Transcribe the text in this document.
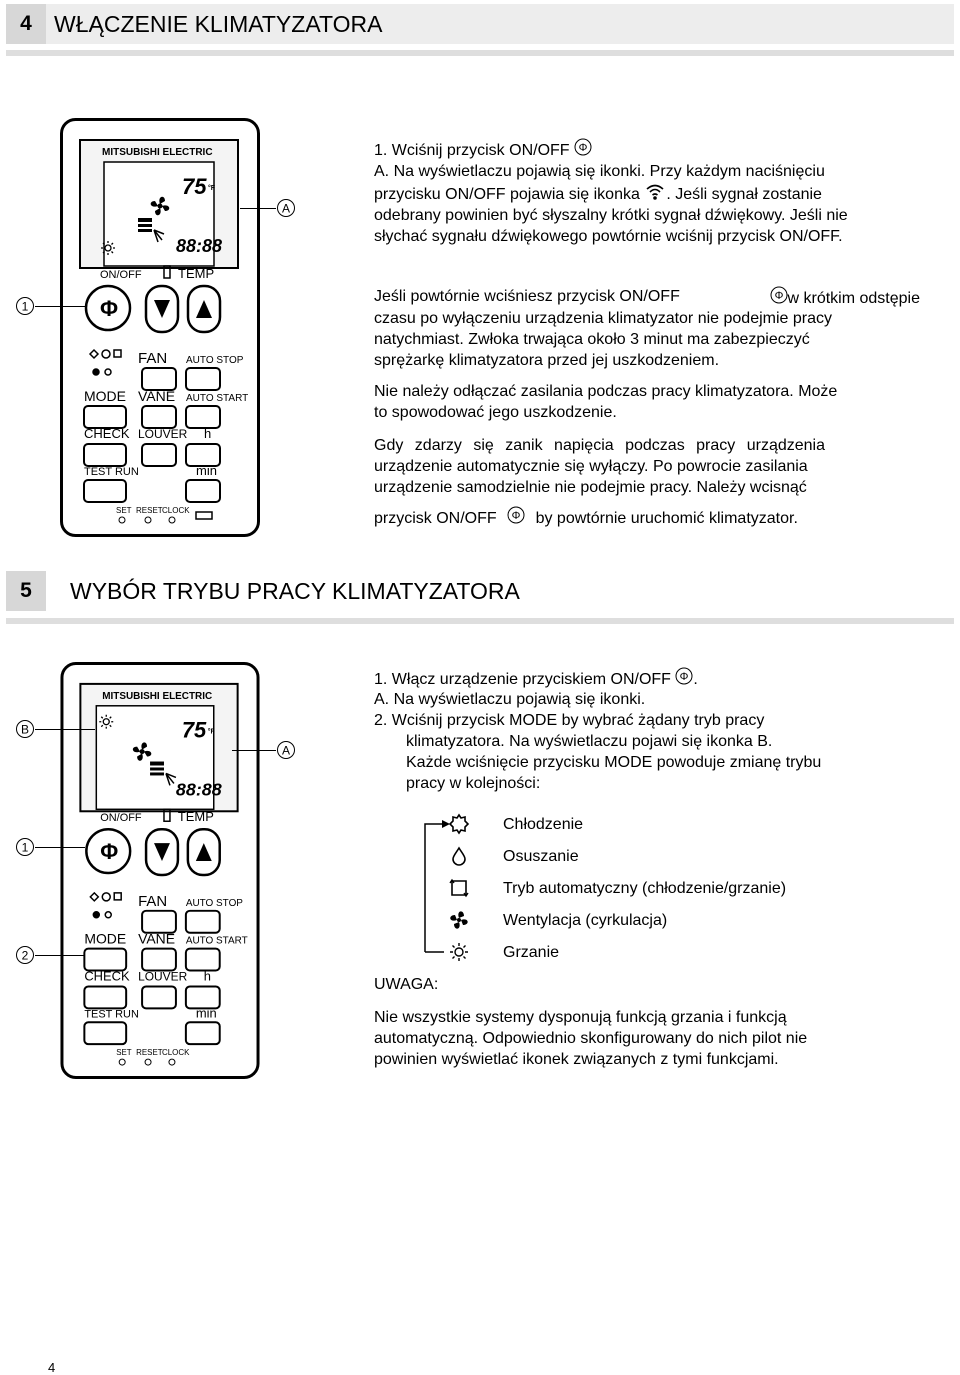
4 WŁĄCZENIE KLIMATYZATORA
MITSUBISHI ELECTRIC
75 °F
88:88
ON/OFF	TEMP
Φ
FAN AUTO STOP
MODE VANE AUTO START
CHECK LOUVER h
TEST RUN	min
SET RESET CLOCK
A
1
1. Wciśnij przycisk ON/OFF Φ
A. Na wyświetlaczu pojawią się ikonki. Przy każdym naciśnięciu
przycisku ON/OFF pojawia się ikonka . Jeśli sygnał zostanie
odebrany powinien być słyszalny krótki sygnał dźwiękowy. Jeśli nie
słychać sygnału dźwiękowego powtórnie wciśnij przycisk ON/OFF.
Jeśli powtórnie wciśniesz przycisk ON/OFF	Φ w krótkim odstępie
czasu po wyłączeniu urządzenia klimatyzator nie podejmie pracy
natychmiast. Zwłoka trwająca około 3 minut ma zabezpieczyć
sprężarkę klimatyzatora przed jej uszkodzeniem.
Nie należy odłączać zasilania podczas pracy klimatyzatora. Może
to spowodować jego uszkodzenie.
Gdy zdarzy się zanik napięcia podczas pracy urządzenia
urządzenie automatycznie się wyłączy. Po powrocie zasilania
urządzenie samodzielnie nie podejmie pracy. Należy wcisnąć
przycisk ON/OFF Φ by powtórnie uruchomić klimatyzator.
5	WYBÓR TRYBU PRACY KLIMATYZATORA
MITSUBISHI ELECTRIC
75 °F
88:88
ON/OFF	TEMP
Φ
FAN AUTO STOP
MODE VANE AUTO START
CHECK LOUVER h
TEST RUN	min
SET RESET CLOCK
B
A
1
2
1. Włącz urządzenie przyciskiem ON/OFF Φ .
A. Na wyświetlaczu pojawią się ikonki.
2. Wciśnij przycisk MODE by wybrać żądany tryb pracy
klimatyzatora. Na wyświetlaczu pojawi się ikonka B.
Każde wciśnięcie przycisku MODE powoduje zmianę trybu
pracy w kolejności:
Chłodzenie
Osuszanie
Tryb automatyczny (chłodzenie/grzanie)
Wentylacja (cyrkulacja)
Grzanie
UWAGA:
Nie wszystkie systemy dysponują funkcją grzania i funkcją
automatyczną. Odpowiednio skonfigurowany do nich pilot nie
powinien wyświetlać ikonek związanych z tymi funkcjami.
4
